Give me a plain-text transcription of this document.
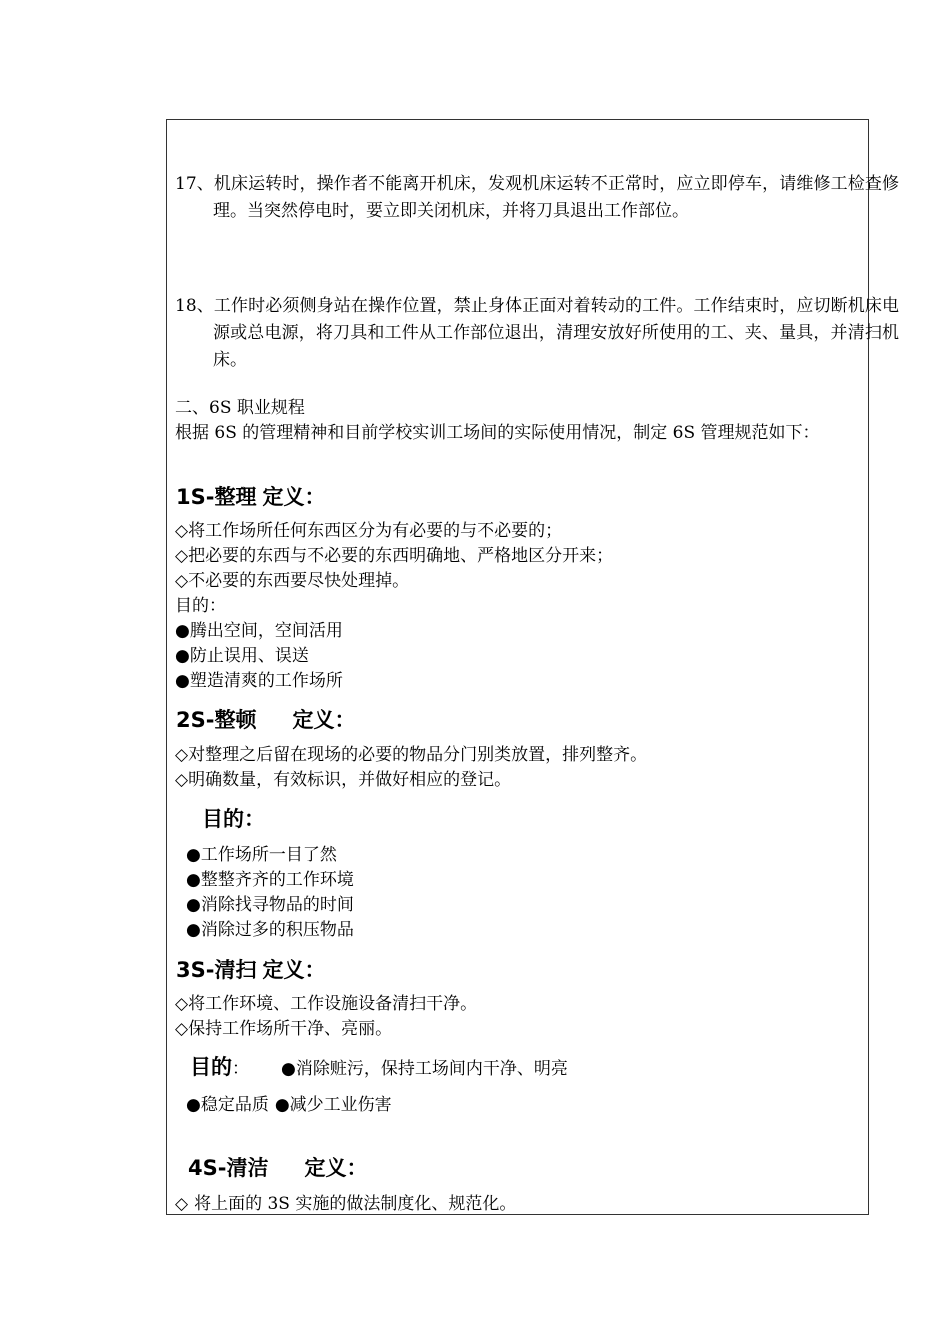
17、机床运转时，操作者不能离开机床，发观机床运转不正常时，应立即停车，请维修工检查修理。当突然停电时，要立即关闭机床，并将刀具退出工作部位。
18、工作时必须侧身站在操作位置，禁止身体正面对着转动的工件。工作结束时，应切断机床电源或总电源，将刀具和工件从工作部位退出，清理安放好所使用的工、夹、量具，并清扫机床。
二、6S 职业规程
根据 6S 的管理精神和目前学校实训工场间的实际使用情况，制定 6S 管理规范如下：
1S-整理 定义：
◇将工作场所任何东西区分为有必要的与不必要的；
◇把必要的东西与不必要的东西明确地、严格地区分开来；
◇不必要的东西要尽快处理掉。
目的：
●腾出空间，空间活用
●防止误用、误送
●塑造清爽的工作场所
2S-整顿 定义：
◇对整理之后留在现场的必要的物品分门别类放置，排列整齐。
◇明确数量，有效标识，并做好相应的登记。
目的：
●工作场所一目了然
●整整齐齐的工作环境
●消除找寻物品的时间
●消除过多的积压物品
3S-清扫 定义：
◇将工作环境、工作设施设备清扫干净。
◇保持工作场所干净、亮丽。
目的： ●消除赃污，保持工场间内干净、明亮
●稳定品质 ●减少工业伤害
4S-清洁 定义：
◇ 将上面的 3S 实施的做法制度化、规范化。
